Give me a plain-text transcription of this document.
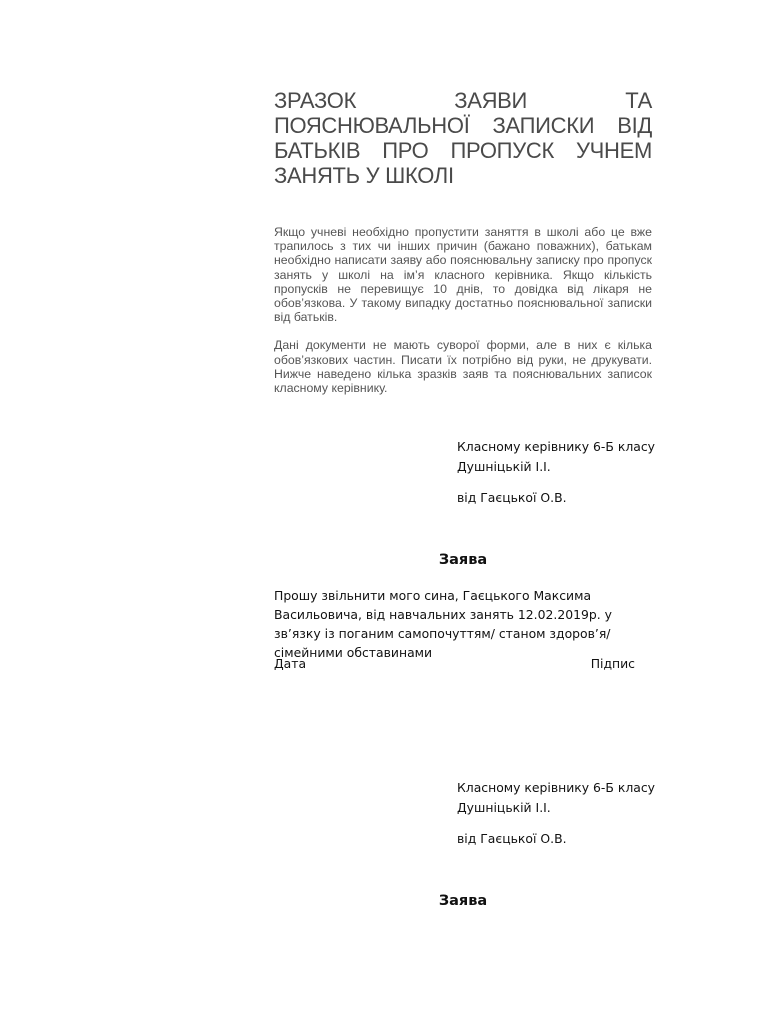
ЗРАЗОК ЗАЯВИ ТА ПОЯСНЮВАЛЬНОЇ ЗАПИСКИ ВІД БАТЬКІВ ПРО ПРОПУСК УЧНЕМ ЗАНЯТЬ У ШКОЛІ

Якщо учневі необхідно пропустити заняття в школі або це вже трапилось з тих чи інших причин (бажано поважних), батькам необхідно написати заяву або пояснювальну записку про пропуск занять у школі на ім’я класного керівника. Якщо кількість пропусків не перевищує 10 днів, то довідка від лікаря не обов’язкова. У такому випадку достатньо пояснювальної записки від батьків.

Дані документи не мають суворої форми, але в них є кілька обов’язкових частин. Писати їх потрібно від руки, не друкувати. Нижче наведено кілька зразків заяв та пояснювальних записок класному керівнику.

Класному керівнику 6-Б класу
Душніцькій І.І.
від Гаєцької О.В.
Заява
Прошу звільнити мого сина, Гаєцького Максима Васильовича, від навчальних занять 12.02.2019р. у зв’язку із поганим самопочуттям/ станом здоров’я/ сімейними обставинами
Дата	Підпис
Класному керівнику 6-Б класу
Душніцькій І.І.
від Гаєцької О.В.
Заява
